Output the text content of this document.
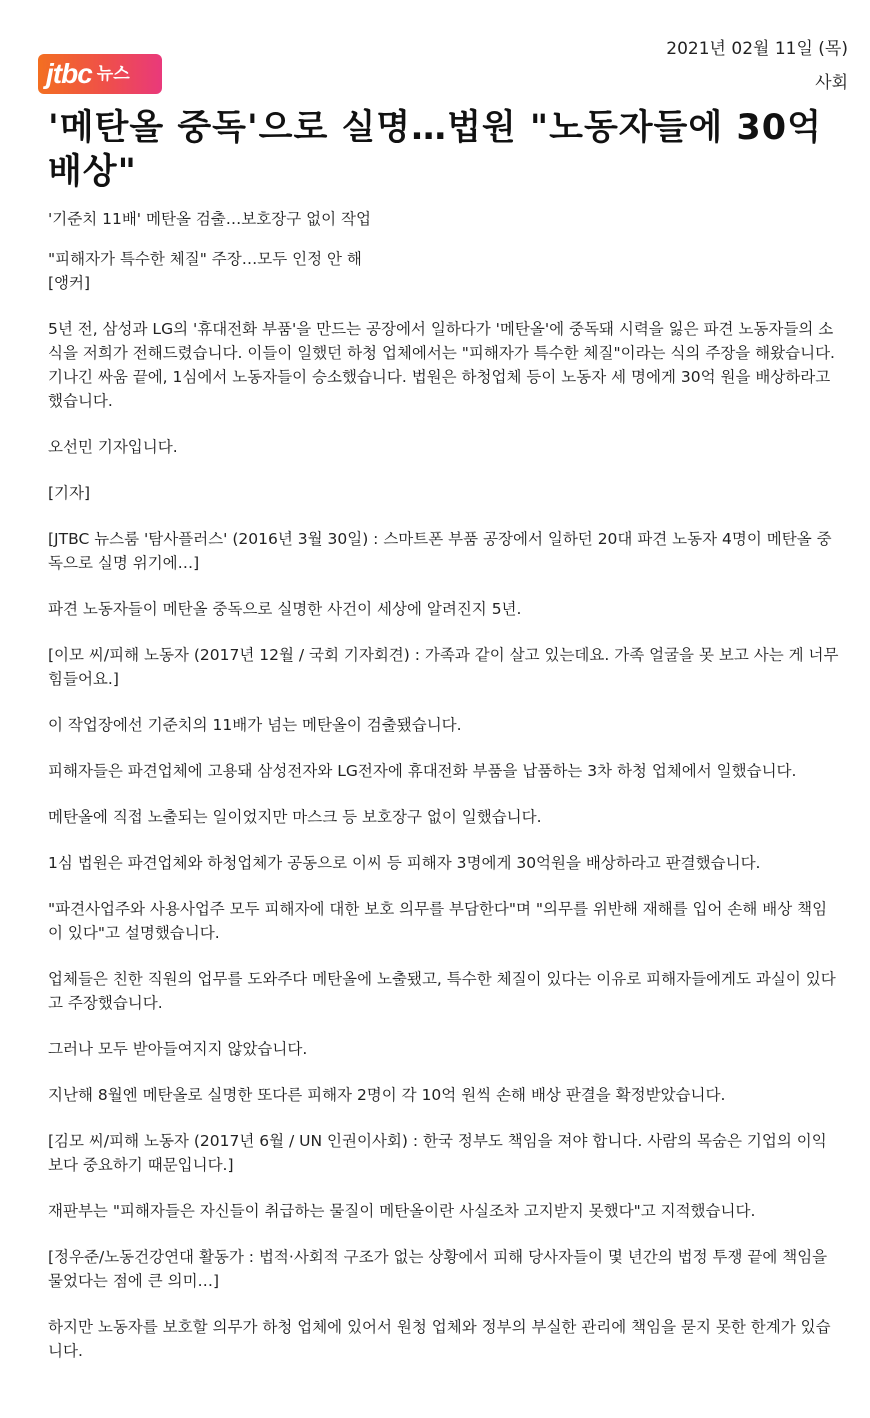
jtbc 뉴스
2021년 02월 11일 (목)
사회
'메탄올 중독'으로 실명…법원 "노동자들에 30억 배상"

'기준치 11배' 메탄올 검출…보호장구 없이 작업

"피해자가 특수한 체질" 주장…모두 인정 안 해

[앵커]

5년 전, 삼성과 LG의 '휴대전화 부품'을 만드는 공장에서 일하다가 '메탄올'에 중독돼 시력을 잃은 파견 노동자들의 소식을 저희가 전해드렸습니다. 이들이 일했던 하청 업체에서는 "피해자가 특수한 체질"이라는 식의 주장을 해왔습니다. 기나긴 싸움 끝에, 1심에서 노동자들이 승소했습니다. 법원은 하청업체 등이 노동자 세 명에게 30억 원을 배상하라고 했습니다.

오선민 기자입니다.

[기자]

[JTBC 뉴스룸 '탐사플러스' (2016년 3월 30일) : 스마트폰 부품 공장에서 일하던 20대 파견 노동자 4명이 메탄올 중독으로 실명 위기에…]

파견 노동자들이 메탄올 중독으로 실명한 사건이 세상에 알려진지 5년.

[이모 씨/피해 노동자 (2017년 12월 / 국회 기자회견) : 가족과 같이 살고 있는데요. 가족 얼굴을 못 보고 사는 게 너무 힘들어요.]

이 작업장에선 기준치의 11배가 넘는 메탄올이 검출됐습니다.

피해자들은 파견업체에 고용돼 삼성전자와 LG전자에 휴대전화 부품을 납품하는 3차 하청 업체에서 일했습니다.

메탄올에 직접 노출되는 일이었지만 마스크 등 보호장구 없이 일했습니다.

1심 법원은 파견업체와 하청업체가 공동으로 이씨 등 피해자 3명에게 30억원을 배상하라고 판결했습니다.

"파견사업주와 사용사업주 모두 피해자에 대한 보호 의무를 부담한다"며 "의무를 위반해 재해를 입어 손해 배상 책임이 있다"고 설명했습니다.

업체들은 친한 직원의 업무를 도와주다 메탄올에 노출됐고, 특수한 체질이 있다는 이유로 피해자들에게도 과실이 있다고 주장했습니다.

그러나 모두 받아들여지지 않았습니다.

지난해 8월엔 메탄올로 실명한 또다른 피해자 2명이 각 10억 원씩 손해 배상 판결을 확정받았습니다.

[김모 씨/피해 노동자 (2017년 6월 / UN 인권이사회) : 한국 정부도 책임을 져야 합니다. 사람의 목숨은 기업의 이익보다 중요하기 때문입니다.]

재판부는 "피해자들은 자신들이 취급하는 물질이 메탄올이란 사실조차 고지받지 못했다"고 지적했습니다.

[정우준/노동건강연대 활동가 : 법적·사회적 구조가 없는 상황에서 피해 당사자들이 몇 년간의 법정 투쟁 끝에 책임을 물었다는 점에 큰 의미…]

하지만 노동자를 보호할 의무가 하청 업체에 있어서 원청 업체와 정부의 부실한 관리에 책임을 묻지 못한 한계가 있습니다.
